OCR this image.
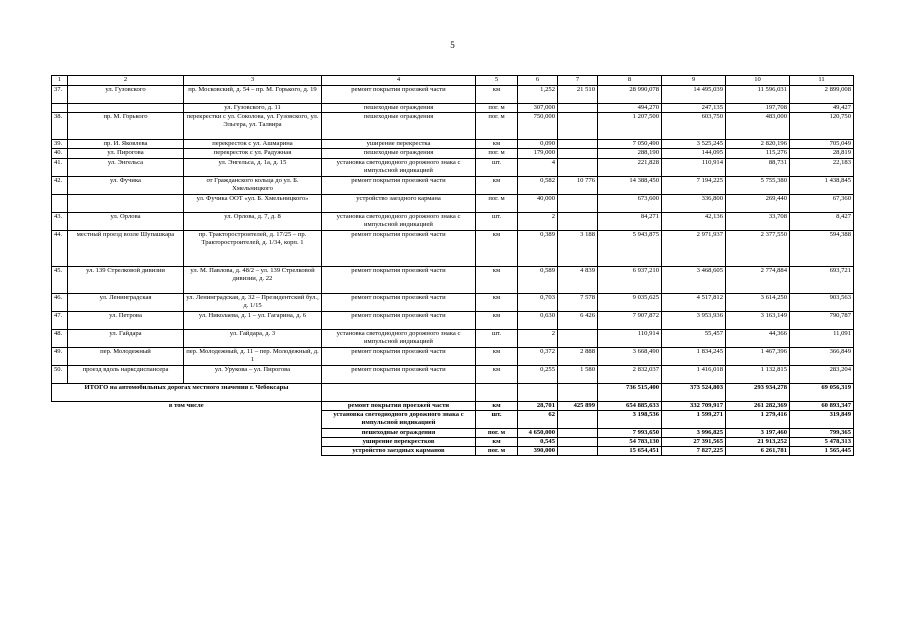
5
1	2	3	4	5	6	7	8	9	10	11
37.	ул. Гузовского	пр. Московский, д. 54 – пр. М. Горького, д. 19	ремонт покрытия проезжей части	км	1,252	21 510	28 990,078	14 495,039	11 596,031	2 899,008
		ул. Гузовского, д. 11	пешеходные ограждения	пог. м	307,000		494,270	247,135	197,708	49,427
38.	пр. М. Горького	перекрестки с ул. Соколова, ул. Гузовского, ул. Эльгера, ул. Талвира	пешеходные ограждения	пог. м	750,000		1 207,500	603,750	483,000	120,750
39.	пр. И. Яковлева	перекресток с ул. Ашмарина	уширение перекрестка	км	0,090		7 050,490	3 525,245	2 820,196	705,049
40.	ул. Пирогова	перекресток с ул. Радужная	пешеходные ограждения	пог. м	179,000		288,190	144,095	115,276	28,819
41.	ул. Энгельса	ул. Энгельса, д. 1а, д. 15	установка светодиодного дорожного знака с импульсной индикацией	шт.	4		221,828	110,914	88,731	22,183
42.	ул. Фучика	от Гражданского кольца до ул. Б. Хмельницкого	ремонт покрытия проезжей части	км	0,582	10 776	14 388,450	7 194,225	5 755,380	1 438,845
		ул. Фучика ООТ «ул. Б. Хмельницкого»	устройство заездного кармана	пог. м	40,000		673,600	336,800	269,440	67,360
43.	ул. Орлова	ул. Орлова, д. 7, д. 8	установка светодиодного дорожного знака с импульсной индикацией	шт.	2		84,271	42,136	33,708	8,427
44.	местный проезд возле Шупашкара	пр. Тракторостроителей, д. 17/25 – пр. Тракторостроителей, д. 1/34, корп. 1	ремонт покрытия проезжей части	км	0,389	3 188	5 943,875	2 971,937	2 377,550	594,388
45.	ул. 139 Стрелковой дивизии	ул. М. Павлова, д. 48/2 – ул. 139 Стрелковой дивизии, д. 22	ремонт покрытия проезжей части	км	0,589	4 839	6 937,210	3 468,605	2 774,884	693,721
46.	ул. Ленинградская	ул. Ленинградская, д. 32 – Президентский бул., д. 1/15	ремонт покрытия проезжей части	км	0,703	7 578	9 035,625	4 517,812	3 614,250	903,563
47.	ул. Петрова	ул. Николаева, д. 1 – ул. Гагарина, д. 6	ремонт покрытия проезжей части	км	0,630	6 426	7 907,872	3 953,936	3 163,149	790,787
48.	ул. Гайдара	ул. Гайдара, д. 3	установка светодиодного дорожного знака с импульсной индикацией	шт.	2		110,914	55,457	44,366	11,091
49.	пер. Молодежный	пер. Молодежный, д. 11 – пер. Молодежный, д. 1	ремонт покрытия проезжей части	км	0,372	2 888	3 668,490	1 834,245	1 467,396	366,849
50.	проезд вдоль нарксдиспансера	ул. Урукова – ул. Пирогова	ремонт покрытия проезжей части	км	0,255	1 580	2 832,037	1 416,018	1 132,815	283,204
ИТОГО на автомобильных дорогах местного значения г. Чебоксары							736 515,400	373 524,803	293 934,278	69 056,319
в том числе			ремонт покрытия проезжей части	км	28,701	425 899	654 885,633	332 709,917	261 282,369	60 893,347
			установка светодиодного дорожного знака с импульсной индикацией	шт.	62		3 198,536	1 599,271	1 279,416	319,849
			пешеходные ограждения	пог. м	4 650,000		7 993,650	3 996,825	3 197,460	799,365
			уширение перекрестков	км	0,545		54 783,130	27 391,565	21 913,252	5 478,313
			устройство заездных карманов	пог. м	390,000		15 654,451	7 827,225	6 261,781	1 565,445
